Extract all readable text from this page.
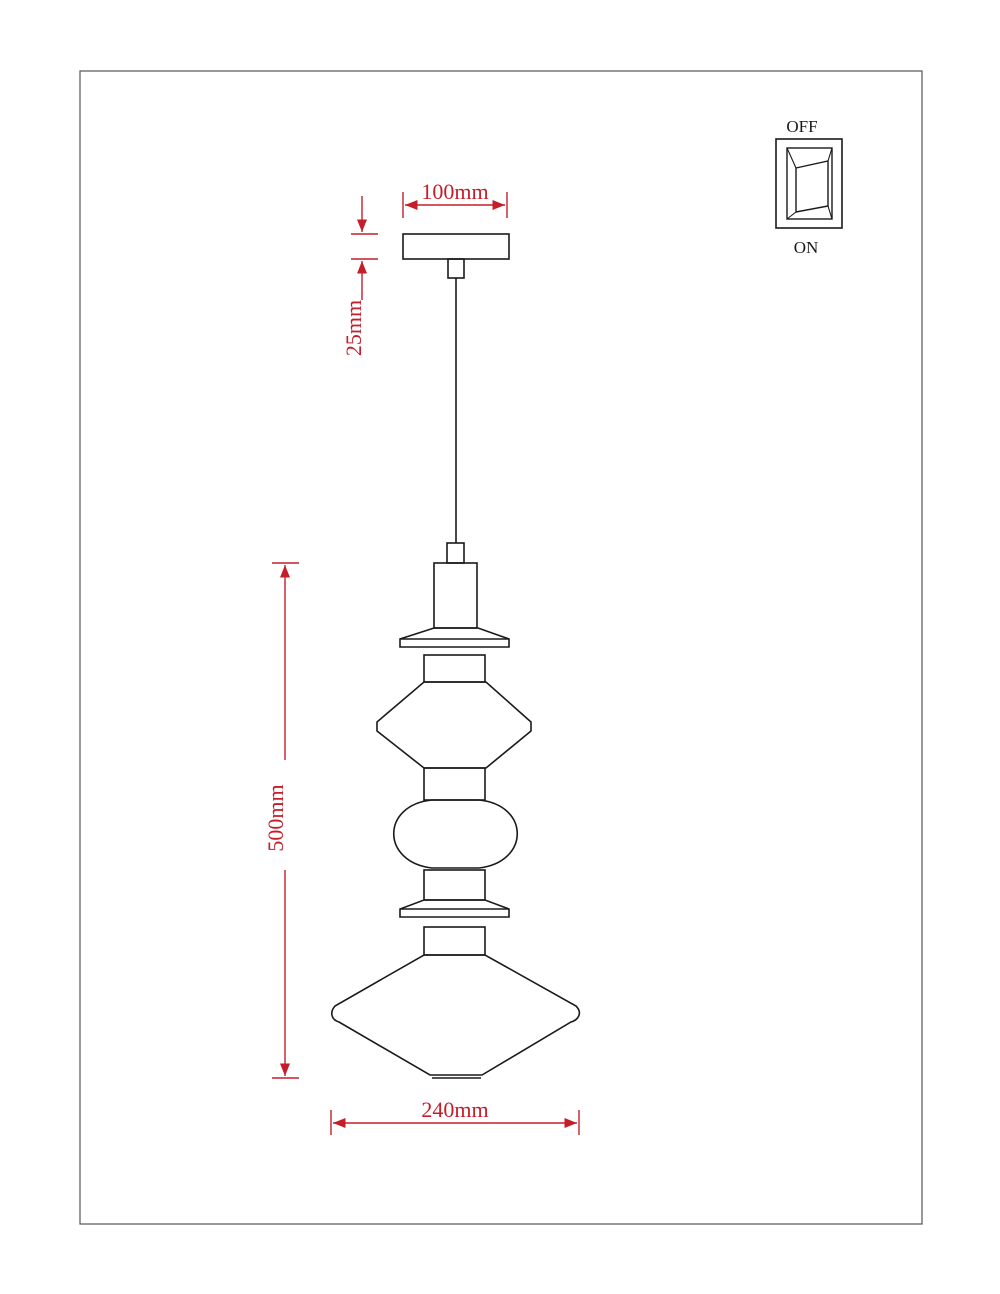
OFF
ON
100mm
25mm
500mm
240mm
